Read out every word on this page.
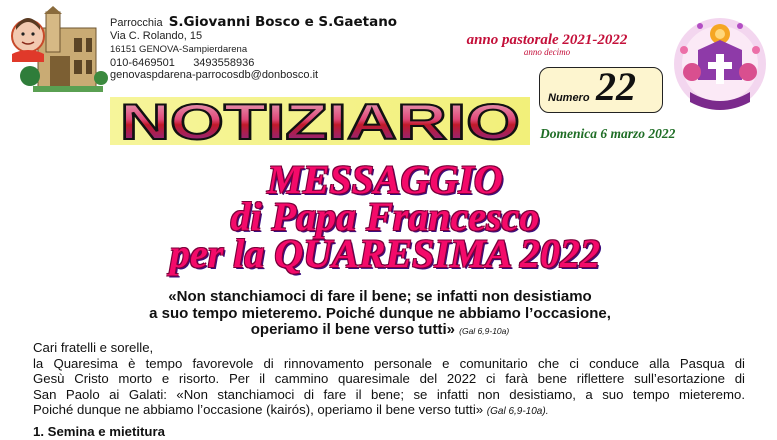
Parrocchia S.Giovanni Bosco e S.Gaetano
Via C. Rolando, 15
16151 GENOVA-Sampierdarena
010-6469501 3493558936
genovaspdarena-parrocosdb@donbosco.it
anno pastorale 2021-2022
anno decimo
Numero 22
Domenica 6 marzo 2022
NOTIZIARIO
MESSAGGIO
di Papa Francesco
per la QUARESIMA 2022
«Non stanchiamoci di fare il bene; se infatti non desistiamo
a suo tempo mieteremo. Poiché dunque ne abbiamo l’occasione,
operiamo il bene verso tutti» (Gal 6,9-10a)
Cari fratelli e sorelle,
la Quaresima è tempo favorevole di rinnovamento personale e comunitario che ci conduce alla Pasqua di
Gesù Cristo morto e risorto. Per il cammino quaresimale del 2022 ci farà bene riflettere sull’esortazione di
San Paolo ai Galati: «Non stanchiamoci di fare il bene; se infatti non desistiamo, a suo tempo mieteremo.
Poiché dunque ne abbiamo l’occasione (kairós), operiamo il bene verso tutti» (Gal 6,9-10a).
1. Semina e mietitura
